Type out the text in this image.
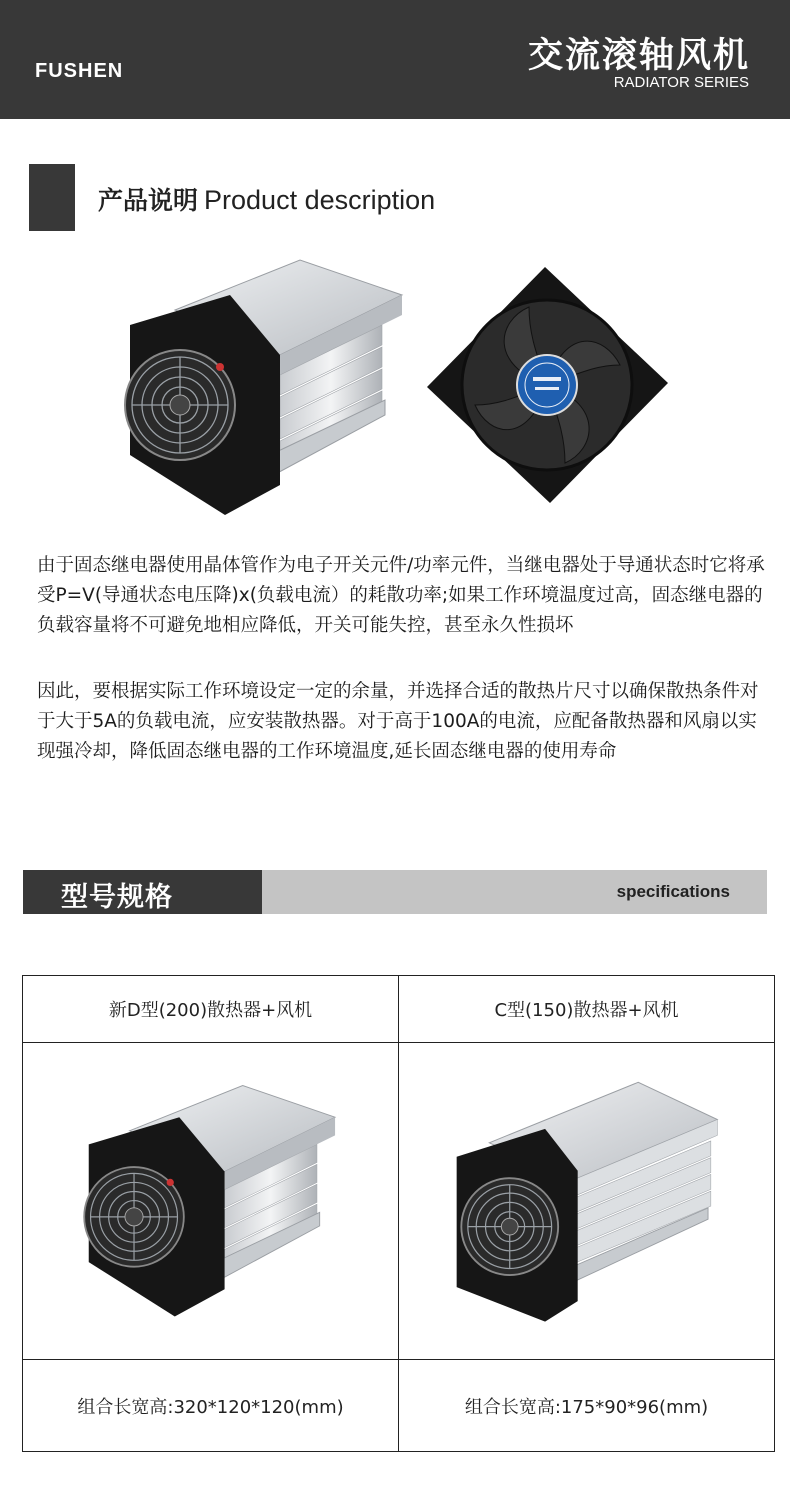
FUSHEN	交流滚轴风机
RADIATOR SERIES
产品说明 Product description
由于固态继电器使用晶体管作为电子开关元件/功率元件，当继电器处于导通状态时它将承受P=V(导通状态电压降)x(负载电流）的耗散功率;如果工作环境温度过高，固态继电器的负载容量将不可避免地相应降低，开关可能失控，甚至永久性损坏
因此，要根据实际工作环境设定一定的余量，并选择合适的散热片尺寸以确保散热条件对于大于5A的负载电流，应安装散热器。对于高于100A的电流，应配备散热器和风扇以实现强冷却，降低固态继电器的工作环境温度,延长固态继电器的使用寿命
型号规格	specifications
新D型(200)散热器+风机	C型(150)散热器+风机

组合长宽高:320*120*120(mm)	组合长宽高:175*90*96(mm)
